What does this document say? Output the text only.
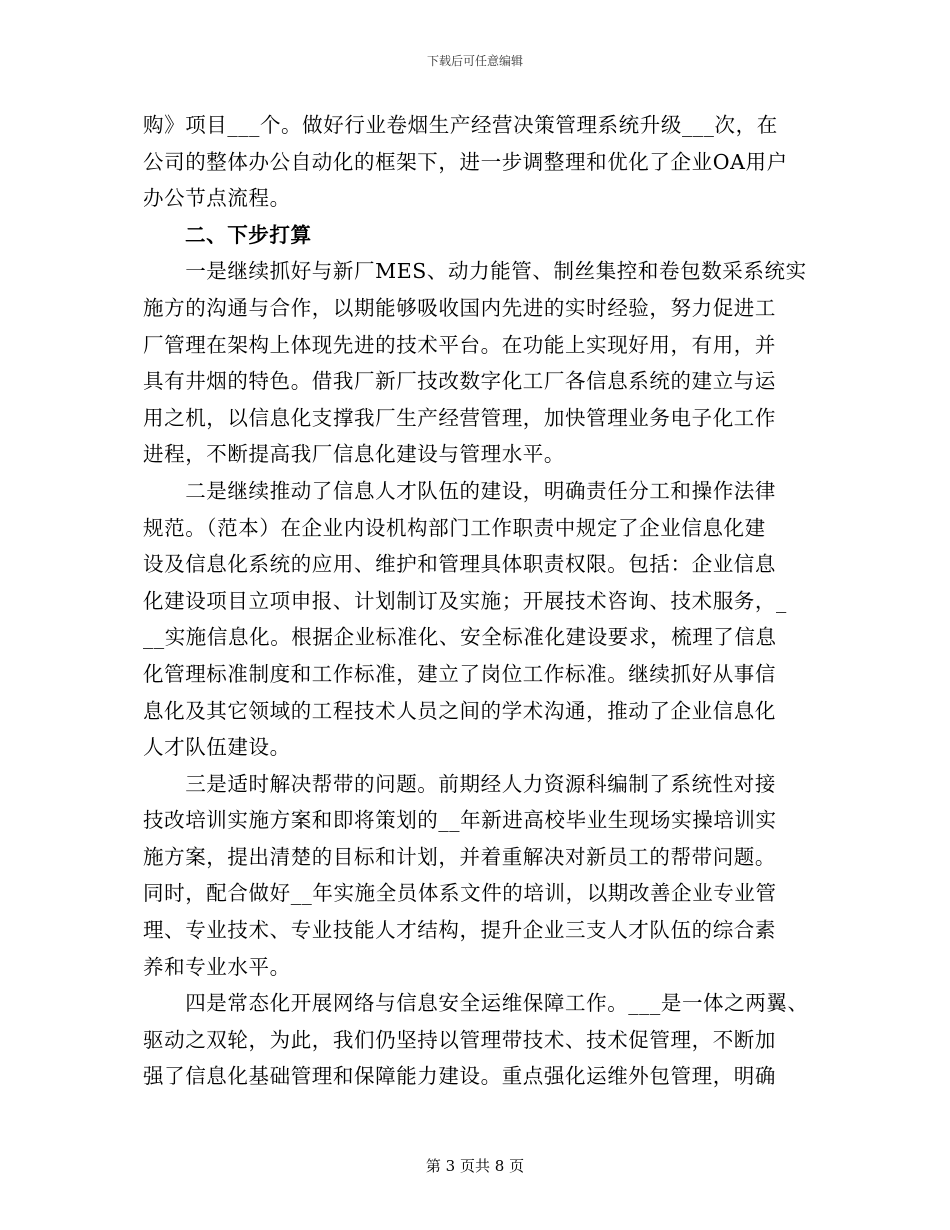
下载后可任意编辑

购》项目___个。做好行业卷烟生产经营决策管理系统升级___次，在

公司的整体办公自动化的框架下，进一步调整理和优化了企业OA用户

办公节点流程。

二、下步打算

　　一是继续抓好与新厂MES、动力能管、制丝集控和卷包数采系统实

施方的沟通与合作，以期能够吸收国内先进的实时经验，努力促进工

厂管理在架构上体现先进的技术平台。在功能上实现好用，有用，并

具有井烟的特色。借我厂新厂技改数字化工厂各信息系统的建立与运

用之机，以信息化支撑我厂生产经营管理，加快管理业务电子化工作

进程，不断提高我厂信息化建设与管理水平。

　　二是继续推动了信息人才队伍的建设，明确责任分工和操作法律

规范。（范本）在企业内设机构部门工作职责中规定了企业信息化建

设及信息化系统的应用、维护和管理具体职责权限。包括：企业信息

化建设项目立项申报、计划制订及实施；开展技术咨询、技术服务，_

__实施信息化。根据企业标准化、安全标准化建设要求，梳理了信息

化管理标准制度和工作标准，建立了岗位工作标准。继续抓好从事信

息化及其它领域的工程技术人员之间的学术沟通，推动了企业信息化

人才队伍建设。

　　三是适时解决帮带的问题。前期经人力资源科编制了系统性对接

技改培训实施方案和即将策划的__年新进高校毕业生现场实操培训实

施方案，提出清楚的目标和计划，并着重解决对新员工的帮带问题。

同时，配合做好__年实施全员体系文件的培训，以期改善企业专业管

理、专业技术、专业技能人才结构，提升企业三支人才队伍的综合素

养和专业水平。

　　四是常态化开展网络与信息安全运维保障工作。___是一体之两翼、

驱动之双轮，为此，我们仍坚持以管理带技术、技术促管理，不断加

强了信息化基础管理和保障能力建设。重点强化运维外包管理，明确

第 3 页共 8 页
